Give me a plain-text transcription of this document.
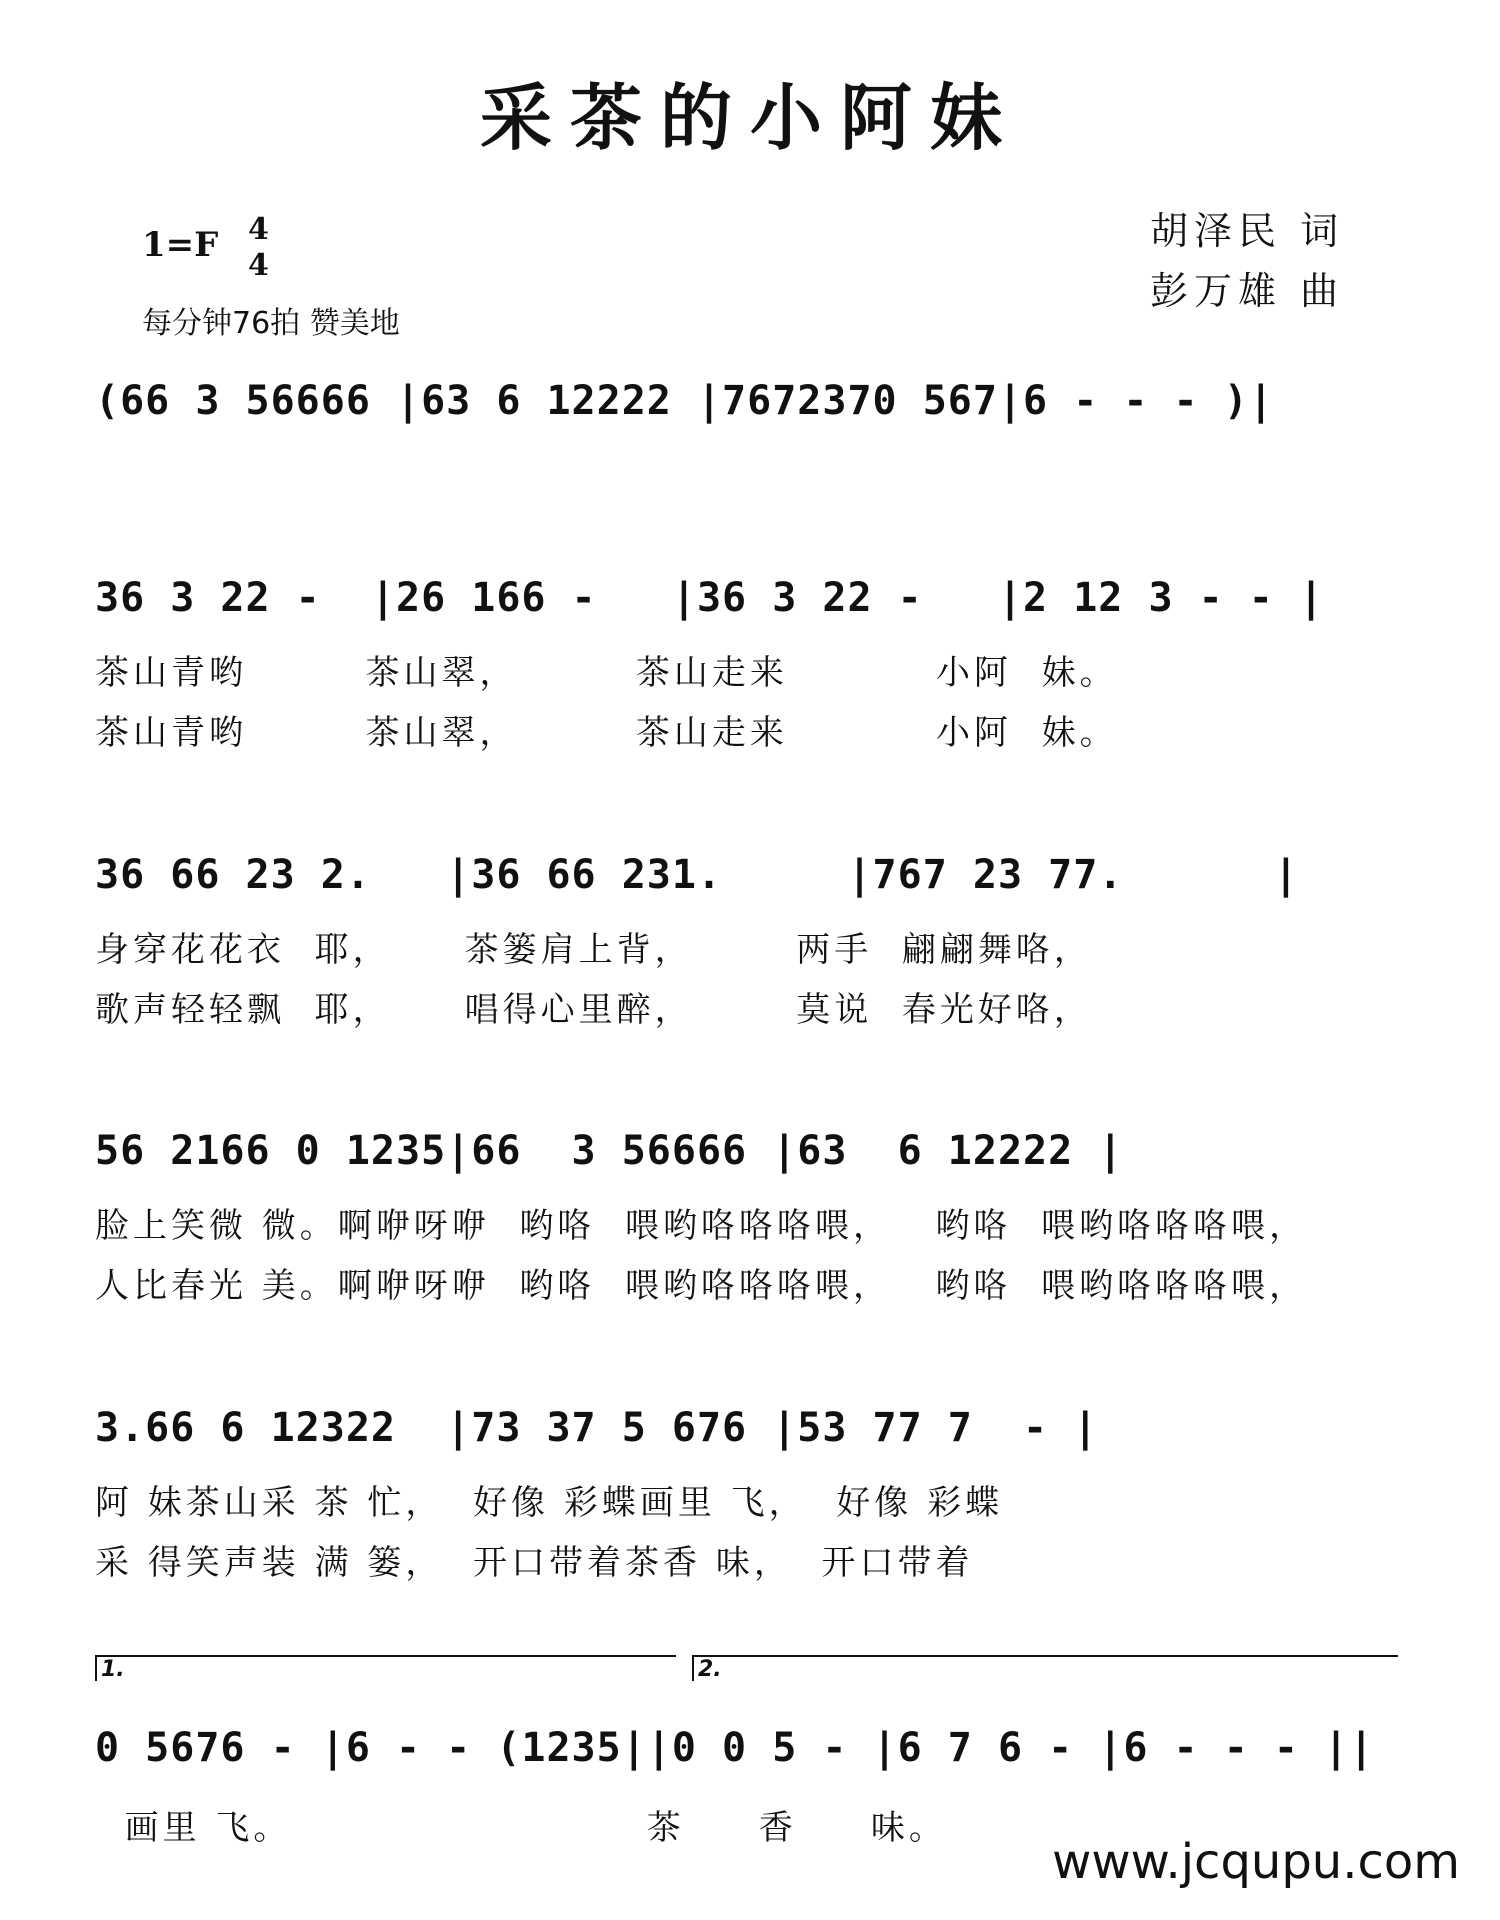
采茶的小阿妹
1=F 4
4
每分钟76拍 赞美地
胡泽民 词
彭万雄 曲
(66 3 56666 |63 6 12222 |7672370 567|6 - - - )|
36 3 22 -  |26 166 -   |36 3 22 -   |2 12 3 - - |
茶山青哟        茶山翠，        茶山走来          小阿  妹。
茶山青哟        茶山翠，        茶山走来          小阿  妹。
36 66 23 2.   |36 66 231.     |767 23 77.      |
身穿花花衣  耶，     茶篓肩上背，       两手  翩翩舞咯，
歌声轻轻飘  耶，     唱得心里醉，       莫说  春光好咯，
56 2166 0 1235|66  3 56666 |63  6 12222 |
脸上笑微 微。啊咿呀咿  哟咯  喂哟咯咯咯喂，   哟咯  喂哟咯咯咯喂，
人比春光 美。啊咿呀咿  哟咯  喂哟咯咯咯喂，   哟咯  喂哟咯咯咯喂，
3.66 6 12322  |73 37 5 676 |53 77 7  - |
阿 妹茶山采 茶 忙，  好像 彩蝶画里 飞，  好像 彩蝶
采 得笑声装 满 篓，  开口带着茶香 味，  开口带着
1.	2.
0 5676 - |6 - - (1235||0 0 5 - |6 7 6 - |6 - - - ||
画里 飞。                        茶     香     味。
www.jcqupu.com
